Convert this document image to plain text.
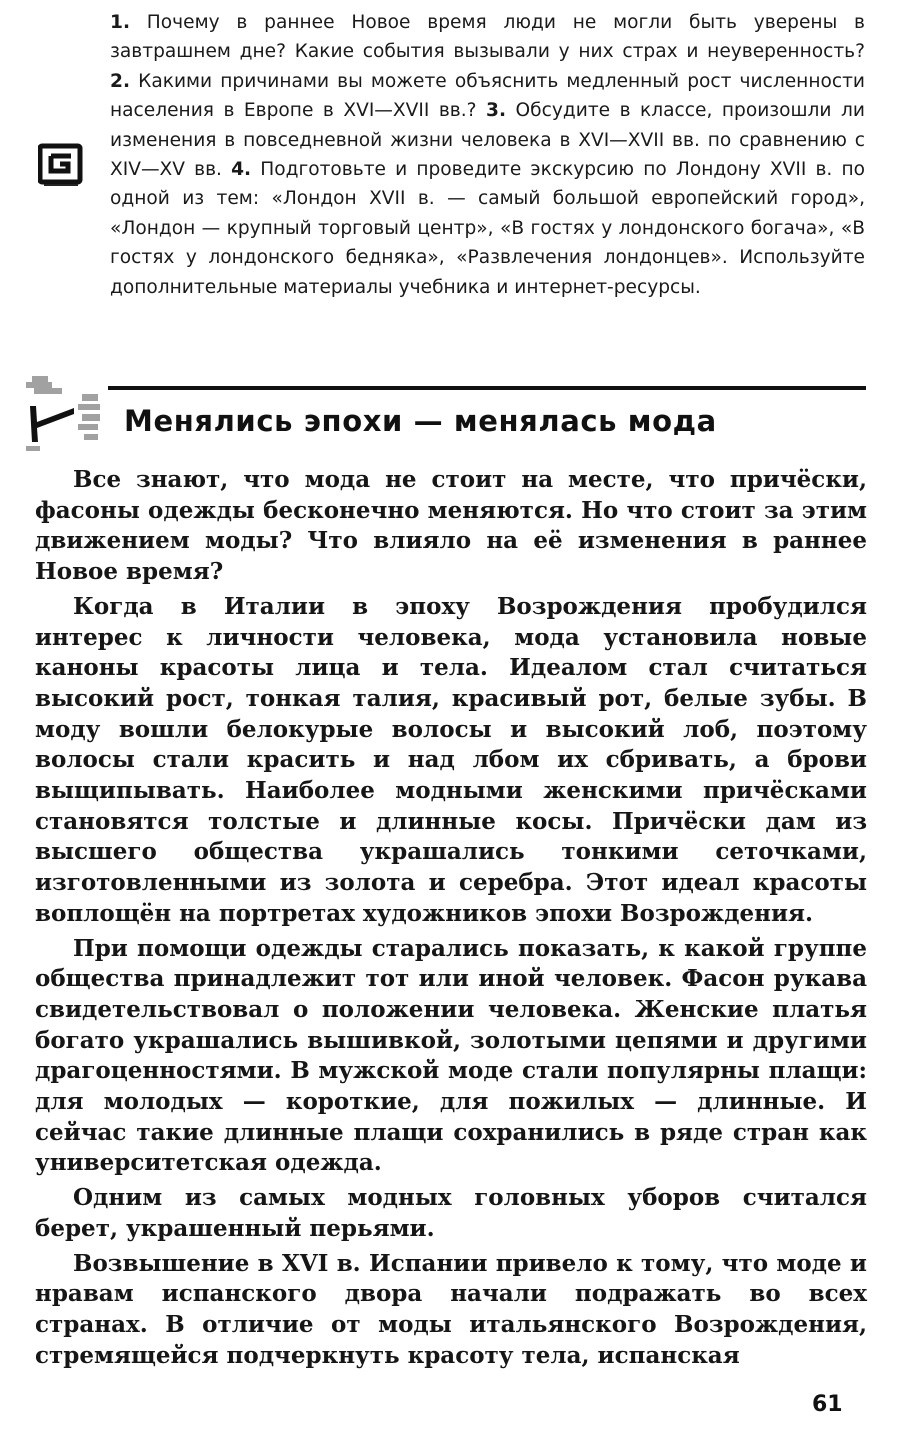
1. Почему в раннее Новое время люди не могли быть уверены в завтрашнем дне? Какие события вызывали у них страх и неуверенность? 2. Какими причинами вы можете объяснить медленный рост численности населения в Европе в XVI—XVII вв.? 3. Обсудите в классе, произошли ли изменения в повседневной жизни человека в XVI—XVII вв. по сравнению с XIV—XV вв. 4. Подготовьте и проведите экскурсию по Лондону XVII в. по одной из тем: «Лондон XVII в. — самый большой европейский город», «Лондон — крупный торговый центр», «В гостях у лондонского богача», «В гостях у лондонского бедняка», «Развлечения лондонцев». Используйте дополнительные материалы учебника и интернет-ресурсы.

Менялись эпохи — менялась мода

Все знают, что мода не стоит на месте, что причёски, фасоны одежды бесконечно меняются. Но что стоит за этим движением моды? Что влияло на её изменения в раннее Новое время?

Когда в Италии в эпоху Возрождения пробудился интерес к личности человека, мода установила новые каноны красоты лица и тела. Идеалом стал считаться высокий рост, тонкая талия, красивый рот, белые зубы. В моду вошли белокурые волосы и высокий лоб, поэтому волосы стали красить и над лбом их сбривать, а брови выщипывать. Наиболее модными женскими причёсками становятся толстые и длинные косы. Причёски дам из высшего общества украшались тонкими сеточками, изготовленными из золота и серебра. Этот идеал красоты воплощён на портретах художников эпохи Возрождения.

При помощи одежды старались показать, к какой группе общества принадлежит тот или иной человек. Фасон рукава свидетельствовал о положении человека. Женские платья богато украшались вышивкой, золотыми цепями и другими драгоценностями. В мужской моде стали популярны плащи: для молодых — короткие, для пожилых — длинные. И сейчас такие длинные плащи сохранились в ряде стран как университетская одежда.

Одним из самых модных головных уборов считался берет, украшенный перьями.

Возвышение в XVI в. Испании привело к тому, что моде и нравам испанского двора начали подражать во всех странах. В отличие от моды итальянского Возрождения, стремящейся подчеркнуть красоту тела, испанская

61
